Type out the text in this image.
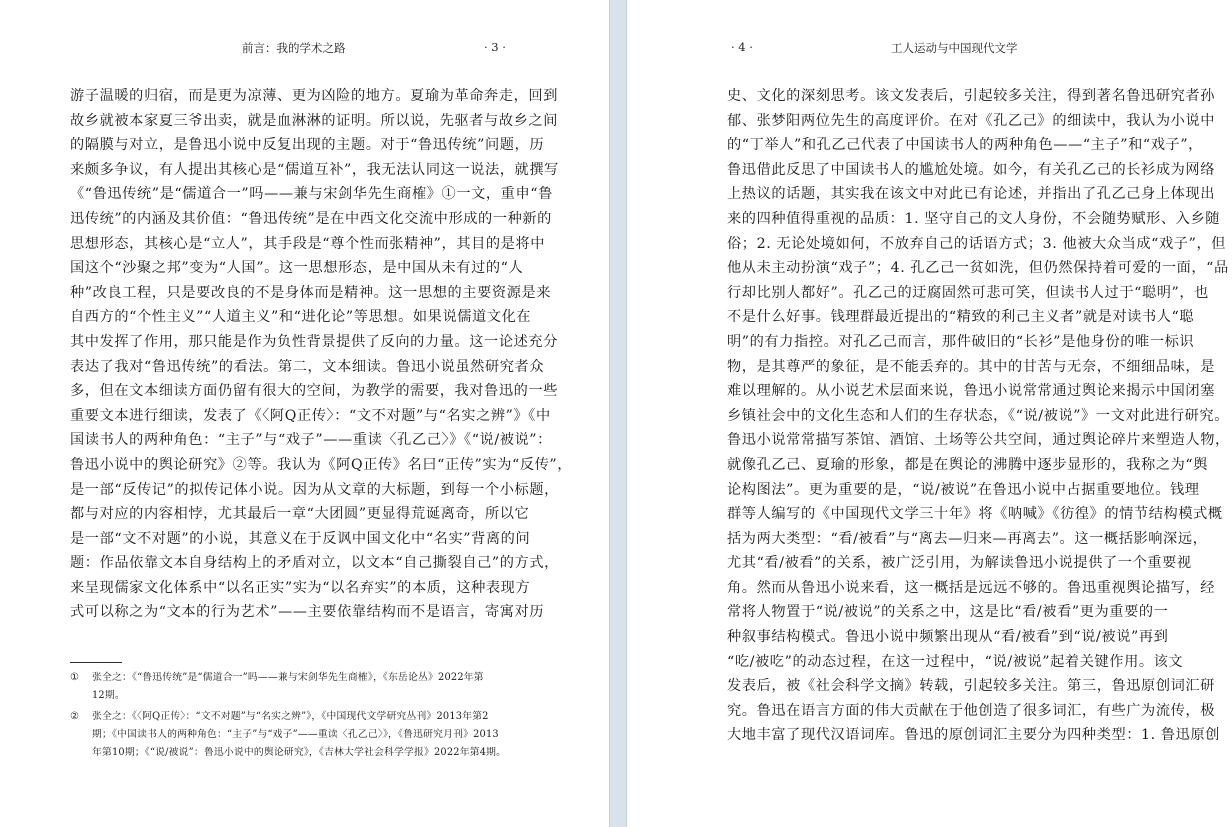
前言：我的学术之路	· 3 ·
游子温暖的归宿，而是更为凉薄、更为凶险的地方。夏瑜为革命奔走，回到
故乡就被本家夏三爷出卖，就是血淋淋的证明。所以说，先驱者与故乡之间
的隔膜与对立，是鲁迅小说中反复出现的主题。对于“鲁迅传统”问题，历
来颇多争议，有人提出其核心是“儒道互补”，我无法认同这一说法，就撰写
《“鲁迅传统”是“儒道合一”吗——兼与宋剑华先生商榷》①一文，重申“鲁
迅传统”的内涵及其价值：“鲁迅传统”是在中西文化交流中形成的一种新的
思想形态，其核心是“立人”，其手段是“尊个性而张精神”，其目的是将中
国这个“沙聚之邦”变为“人国”。这一思想形态，是中国从未有过的“人
种”改良工程，只是要改良的不是身体而是精神。这一思想的主要资源是来
自西方的“个性主义”“人道主义”和“进化论”等思想。如果说儒道文化在
其中发挥了作用，那只能是作为负性背景提供了反向的力量。这一论述充分
表达了我对“鲁迅传统”的看法。第二，文本细读。鲁迅小说虽然研究者众
多，但在文本细读方面仍留有很大的空间，为教学的需要，我对鲁迅的一些
重要文本进行细读，发表了《〈阿Q正传〉：“文不对题”与“名实之辨”》《中
国读书人的两种角色：“主子”与“戏子”——重读〈孔乙己〉》《“说/被说”：
鲁迅小说中的舆论研究》②等。我认为《阿Q正传》名曰“正传”实为“反传”，
是一部“反传记”的拟传记体小说。因为从文章的大标题，到每一个小标题，
都与对应的内容相悖，尤其最后一章“大团圆”更显得荒诞离奇，所以它
是一部“文不对题”的小说，其意义在于反讽中国文化中“名实”背离的问
题：作品依靠文本自身结构上的矛盾对立，以文本“自己撕裂自己”的方式，
来呈现儒家文化体系中“以名正实”实为“以名弃实”的本质，这种表现方
式可以称之为“文本的行为艺术”——主要依靠结构而不是语言，寄寓对历
① 张全之：《“鲁迅传统”是“儒道合一”吗——兼与宋剑华先生商榷》，《东岳论丛》2022年第
12期。
② 张全之：《〈阿Q正传〉：“文不对题”与“名实之辨”》，《中国现代文学研究丛刊》2013年第2
期；《中国读书人的两种角色：“主子”与“戏子”——重读〈孔乙己〉》，《鲁迅研究月刊》2013
年第10期；《“说/被说”：鲁迅小说中的舆论研究》，《吉林大学社会科学学报》2022年第4期。
· 4 ·	工人运动与中国现代文学
史、文化的深刻思考。该文发表后，引起较多关注，得到著名鲁迅研究者孙
郁、张梦阳两位先生的高度评价。在对《孔乙己》的细读中，我认为小说中
的“丁举人”和孔乙己代表了中国读书人的两种角色——“主子”和“戏子”，
鲁迅借此反思了中国读书人的尴尬处境。如今，有关孔乙己的长衫成为网络
上热议的话题，其实我在该文中对此已有论述，并指出了孔乙己身上体现出
来的四种值得重视的品质：1. 坚守自己的文人身份，不会随势赋形、入乡随
俗；2. 无论处境如何，不放弃自己的话语方式；3. 他被大众当成“戏子”，但
他从未主动扮演“戏子”；4. 孔乙己一贫如洗，但仍然保持着可爱的一面，“品
行却比别人都好”。孔乙己的迂腐固然可悲可笑，但读书人过于“聪明”，也
不是什么好事。钱理群最近提出的“精致的利己主义者”就是对读书人“聪
明”的有力指控。对孔乙己而言，那件破旧的“长衫”是他身份的唯一标识
物，是其尊严的象征，是不能丢弃的。其中的甘苦与无奈，不细细品味，是
难以理解的。从小说艺术层面来说，鲁迅小说常常通过舆论来揭示中国闭塞
乡镇社会中的文化生态和人们的生存状态，《“说/被说”》一文对此进行研究。
鲁迅小说常常描写茶馆、酒馆、土场等公共空间，通过舆论碎片来塑造人物，
就像孔乙己、夏瑜的形象，都是在舆论的沸腾中逐步显形的，我称之为“舆
论构图法”。更为重要的是，“说/被说”在鲁迅小说中占据重要地位。钱理
群等人编写的《中国现代文学三十年》将《呐喊》《彷徨》的情节结构模式概
括为两大类型：“看/被看”与“离去—归来—再离去”。这一概括影响深远，
尤其“看/被看”的关系，被广泛引用，为解读鲁迅小说提供了一个重要视
角。然而从鲁迅小说来看，这一概括是远远不够的。鲁迅重视舆论描写，经
常将人物置于“说/被说”的关系之中，这是比“看/被看”更为重要的一
种叙事结构模式。鲁迅小说中频繁出现从“看/被看”到“说/被说”再到
“吃/被吃”的动态过程，在这一过程中，“说/被说”起着关键作用。该文
发表后，被《社会科学文摘》转载，引起较多关注。第三，鲁迅原创词汇研
究。鲁迅在语言方面的伟大贡献在于他创造了很多词汇，有些广为流传，极
大地丰富了现代汉语词库。鲁迅的原创词汇主要分为四种类型：1. 鲁迅原创
